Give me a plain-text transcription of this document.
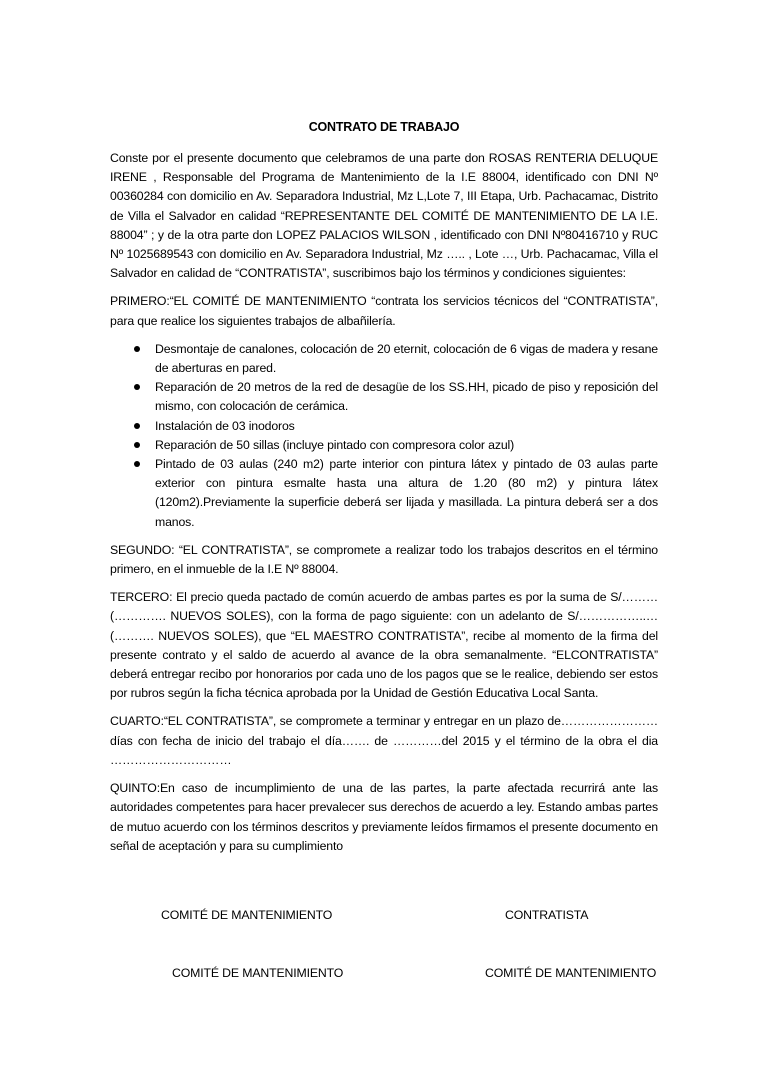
CONTRATO DE TRABAJO

Conste por el presente documento que celebramos de una parte don ROSAS RENTERIA DELUQUE IRENE , Responsable del Programa de Mantenimiento de la I.E 88004, identificado con DNI Nº 00360284 con domicilio en Av. Separadora Industrial, Mz L,Lote 7, III Etapa, Urb. Pachacamac, Distrito de Villa el Salvador en calidad “REPRESENTANTE DEL COMITÉ DE MANTENIMIENTO DE LA I.E. 88004” ; y de la otra parte don LOPEZ PALACIOS WILSON , identificado con DNI Nº80416710 y RUC Nº 1025689543 con domicilio en Av. Separadora Industrial, Mz ….. , Lote …, Urb. Pachacamac, Villa el Salvador en calidad de “CONTRATISTA”, suscribimos bajo los términos y condiciones siguientes:

PRIMERO:“EL COMITÉ DE MANTENIMIENTO “contrata los servicios técnicos del “CONTRATISTA”, para que realice los siguientes trabajos de albañilería.

Desmontaje de canalones, colocación de 20 eternit, colocación de 6 vigas de madera y resane de aberturas en pared.
Reparación de 20 metros de la red de desagüe de los SS.HH, picado de piso y reposición del mismo, con colocación de cerámica.
Instalación de 03 inodoros
Reparación de 50 sillas (incluye pintado con compresora color azul)
Pintado de 03 aulas (240 m2) parte interior con pintura látex y pintado de 03 aulas parte exterior con pintura esmalte hasta una altura de 1.20 (80 m2) y pintura látex (120m2).Previamente la superficie deberá ser lijada y masillada. La pintura deberá ser a dos manos.

SEGUNDO: “EL CONTRATISTA”, se compromete a realizar todo los trabajos descritos en el término primero, en el inmueble de la I.E Nº 88004.

TERCERO: El precio queda pactado de común acuerdo de ambas partes es por la suma de S/……… (…………. NUEVOS SOLES), con la forma de pago siguiente: con un adelanto de S/……………..… (………. NUEVOS SOLES), que “EL MAESTRO CONTRATISTA”, recibe al momento de la firma del presente contrato y el saldo de acuerdo al avance de la obra semanalmente. “ELCONTRATISTA” deberá entregar recibo por honorarios por cada uno de los pagos que se le realice, debiendo ser estos por rubros según la ficha técnica aprobada por la Unidad de Gestión Educativa Local Santa.

CUARTO:“EL CONTRATISTA”, se compromete a terminar y entregar en un plazo de……………………días con fecha de inicio del trabajo el día……. de …………del 2015 y el término de la obra el dia …………………………

QUINTO:En caso de incumplimiento de una de las partes, la parte afectada recurrirá ante las autoridades competentes para hacer prevalecer sus derechos de acuerdo a ley. Estando ambas partes de mutuo acuerdo con los términos descritos y previamente leídos firmamos el presente documento en señal de aceptación y para su cumplimiento

COMITÉ DE MANTENIMIENTO	CONTRATISTA
COMITÉ DE MANTENIMIENTO	COMITÉ DE MANTENIMIENTO
